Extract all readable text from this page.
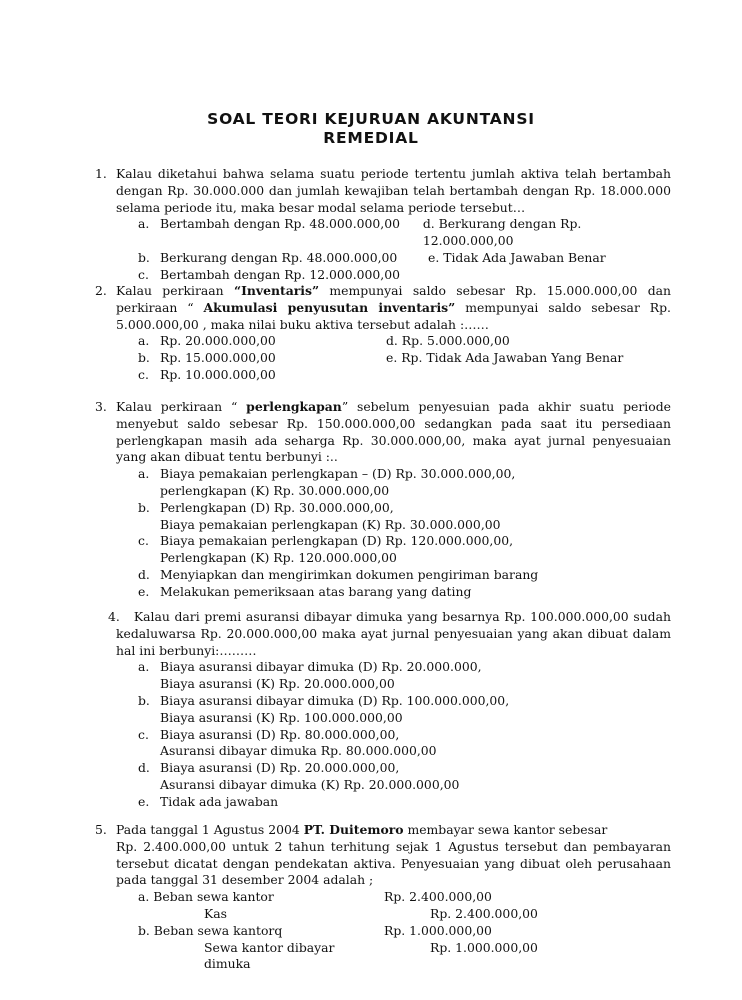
SOAL TEORI KEJURUAN AKUNTANSI
REMEDIAL
1. Kalau diketahui bahwa selama suatu periode tertentu jumlah aktiva telah bertambah dengan Rp. 30.000.000 dan jumlah kewajiban telah bertambah dengan Rp. 18.000.000 selama periode itu, maka besar modal selama periode tersebut…
a. Bertambah dengan Rp. 48.000.000,00	d. Berkurang dengan Rp. 12.000.000,00
b. Berkurang dengan Rp. 48.000.000,00	e. Tidak Ada Jawaban Benar
c. Bertambah dengan Rp. 12.000.000,00
2. Kalau perkiraan “Inventaris” mempunyai saldo sebesar Rp. 15.000.000,00 dan perkiraan “ Akumulasi penyusutan inventaris” mempunyai saldo sebesar Rp. 5.000.000,00 , maka nilai buku aktiva tersebut adalah :……
a. Rp. 20.000.000,00	d. Rp. 5.000.000,00
b. Rp. 15.000.000,00	e. Rp. Tidak Ada Jawaban Yang Benar
c. Rp. 10.000.000,00
3. Kalau perkiraan “ perlengkapan” sebelum penyesuian pada akhir suatu periode menyebut saldo sebesar Rp. 150.000.000,00 sedangkan pada saat itu persediaan perlengkapan masih ada seharga Rp. 30.000.000,00, maka ayat jurnal penyesuaian yang akan dibuat tentu berbunyi :..
a. Biaya pemakaian perlengkapan – (D) Rp. 30.000.000,00,
perlengkapan (K) Rp. 30.000.000,00
b. Perlengkapan (D) Rp. 30.000.000,00,
Biaya pemakaian perlengkapan (K) Rp. 30.000.000,00
c. Biaya pemakaian perlengkapan (D) Rp. 120.000.000,00,
Perlengkapan (K) Rp. 120.000.000,00
d. Menyiapkan dan mengirimkan dokumen pengiriman barang
e. Melakukan pemeriksaan atas barang yang dating
4. Kalau dari premi asuransi dibayar dimuka yang besarnya Rp. 100.000.000,00 sudah kedaluwarsa Rp. 20.000.000,00 maka ayat jurnal penyesuaian yang akan dibuat dalam hal ini berbunyi:………
a. Biaya asuransi dibayar dimuka (D) Rp. 20.000.000,
Biaya asuransi (K) Rp. 20.000.000,00
b. Biaya asuransi dibayar dimuka (D) Rp. 100.000.000,00,
Biaya asuransi (K) Rp. 100.000.000,00
c. Biaya asuransi (D) Rp. 80.000.000,00,
Asuransi dibayar dimuka Rp. 80.000.000,00
d. Biaya asuransi (D) Rp. 20.000.000,00,
Asuransi dibayar dimuka (K) Rp. 20.000.000,00
e. Tidak ada jawaban
5. Pada tanggal 1 Agustus 2004 PT. Duitemoro membayar sewa kantor sebesar
Rp. 2.400.000,00 untuk 2 tahun terhitung sejak 1 Agustus tersebut dan pembayaran tersebut dicatat dengan pendekatan aktiva. Penyesuaian yang dibuat oleh perusahaan pada tanggal 31 desember 2004 adalah ;
a. Beban sewa kantor	Rp. 2.400.000,00	
Kas		Rp. 2.400.000,00
b. Beban sewa kantorq	Rp. 1.000.000,00	
Sewa kantor dibayar dimuka		Rp. 1.000.000,00
